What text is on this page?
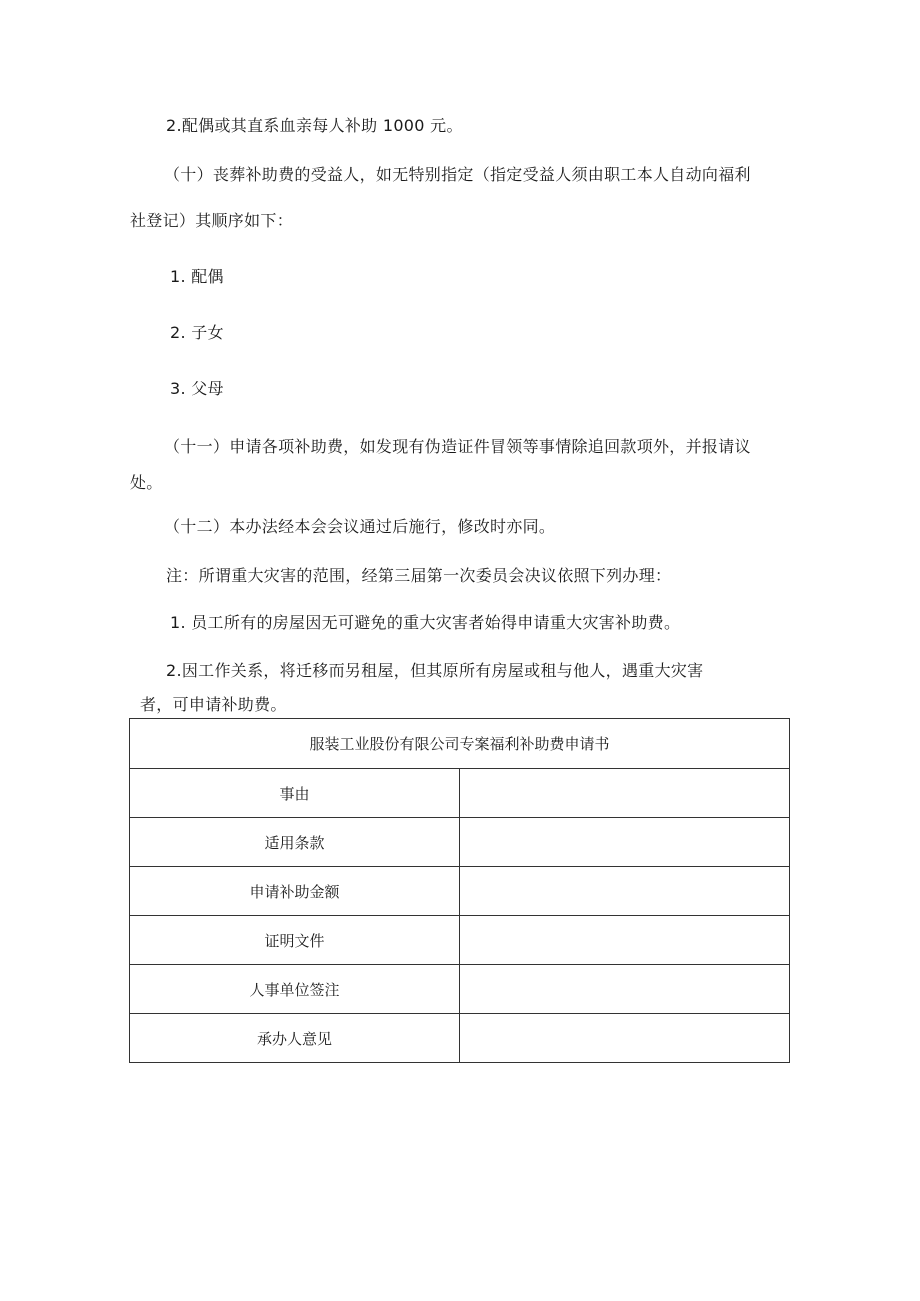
2.配偶或其直系血亲每人补助 1000 元。
（十）丧葬补助费的受益人，如无特别指定（指定受益人须由职工本人自动向福利
社登记）其顺序如下：
1. 配偶
2. 子女
3. 父母
（十一）申请各项补助费，如发现有伪造证件冒领等事情除追回款项外，并报请议
处。
（十二）本办法经本会会议通过后施行，修改时亦同。
注：所谓重大灾害的范围，经第三届第一次委员会决议依照下列办理：
1. 员工所有的房屋因无可避免的重大灾害者始得申请重大灾害补助费。
2.因工作关系，将迁移而另租屋，但其原所有房屋或租与他人，遇重大灾害
者，可申请补助费。
服装工业股份有限公司专案福利补助费申请书	
事由	
适用条款	
申请补助金额	
证明文件	
人事单位签注	
承办人意见	
